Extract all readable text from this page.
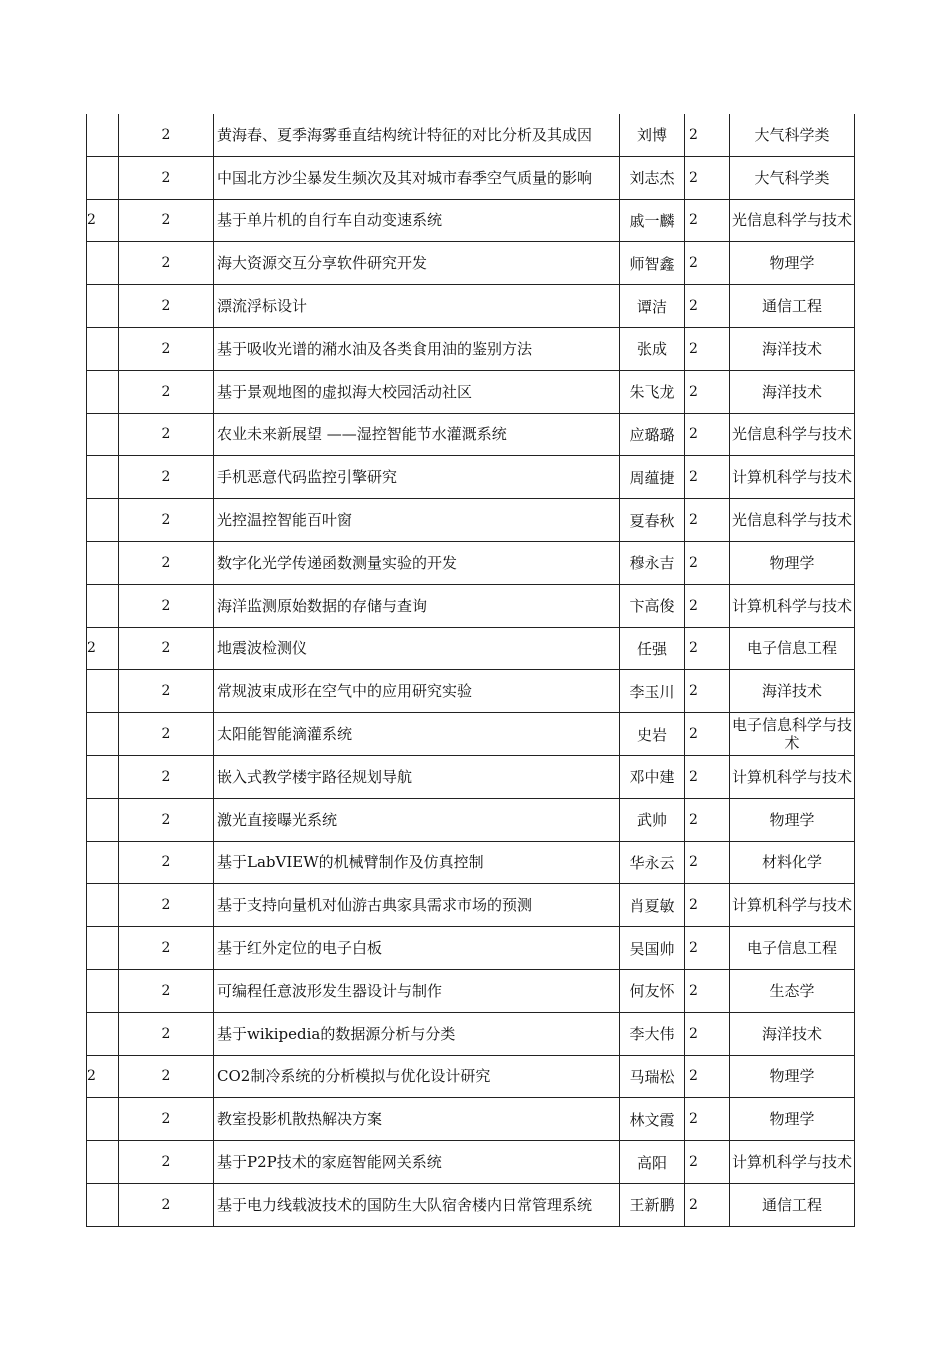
	2	黄海春、夏季海雾垂直结构统计特征的对比分析及其成因	刘博	2	大气科学类

	2	中国北方沙尘暴发生频次及其对城市春季空气质量的影响	刘志杰	2	大气科学类

2	2	基于单片机的自行车自动变速系统	戚一麟	2	光信息科学与技术

	2	海大资源交互分享软件研究开发	师智鑫	2	物理学

	2	漂流浮标设计	谭洁	2	通信工程

	2	基于吸收光谱的潲水油及各类食用油的鉴别方法	张成	2	海洋技术

	2	基于景观地图的虚拟海大校园活动社区	朱飞龙	2	海洋技术

	2	农业未来新展望 ——湿控智能节水灌溉系统	应璐璐	2	光信息科学与技术

	2	手机恶意代码监控引擎研究	周蕴捷	2	计算机科学与技术

	2	光控温控智能百叶窗	夏春秋	2	光信息科学与技术

	2	数字化光学传递函数测量实验的开发	穆永吉	2	物理学

	2	海洋监测原始数据的存储与查询	卞高俊	2	计算机科学与技术

2	2	地震波检测仪	任强	2	电子信息工程

	2	常规波束成形在空气中的应用研究实验	李玉川	2	海洋技术

	2	太阳能智能滴灌系统	史岩	2	电子信息科学与技术

	2	嵌入式教学楼宇路径规划导航	邓中建	2	计算机科学与技术

	2	激光直接曝光系统	武帅	2	物理学

	2	基于LabVIEW的机械臂制作及仿真控制	华永云	2	材料化学

	2	基于支持向量机对仙游古典家具需求市场的预测	肖夏敏	2	计算机科学与技术

	2	基于红外定位的电子白板	吴国帅	2	电子信息工程

	2	可编程任意波形发生器设计与制作	何友怀	2	生态学

	2	基于wikipedia的数据源分析与分类	李大伟	2	海洋技术

2	2	CO2制冷系统的分析模拟与优化设计研究	马瑞松	2	物理学

	2	教室投影机散热解决方案	林文霞	2	物理学

	2	基于P2P技术的家庭智能网关系统	高阳	2	计算机科学与技术

	2	基于电力线载波技术的国防生大队宿舍楼内日常管理系统	王新鹏	2	通信工程
